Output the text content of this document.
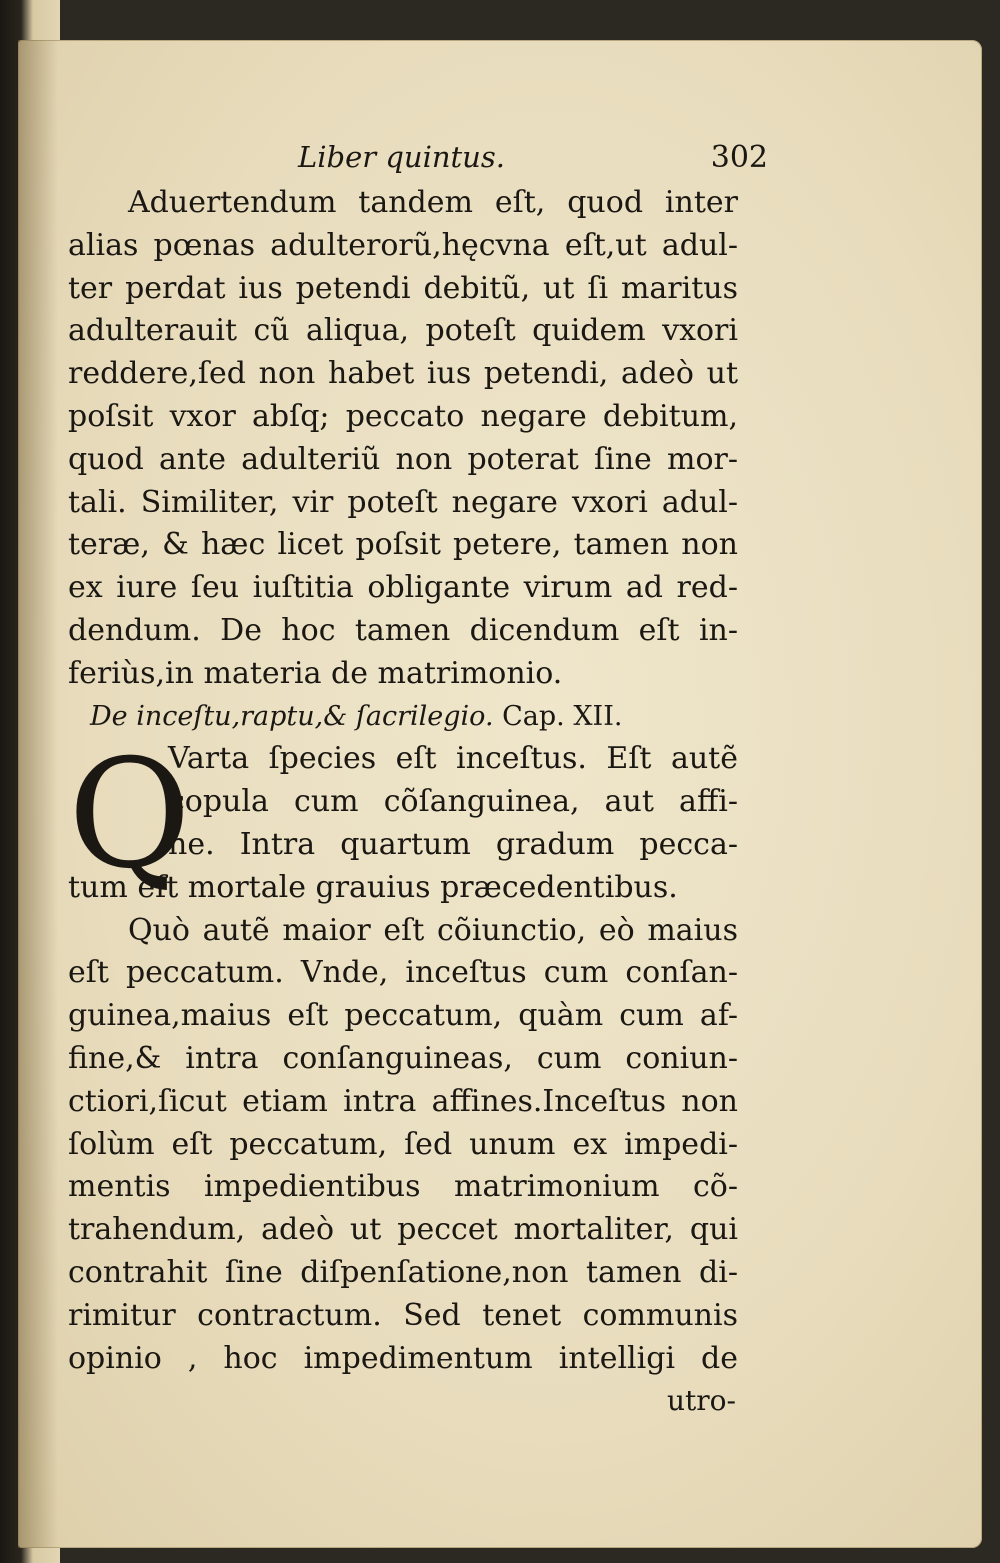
Liber quintus.	302
Aduertendum tandem eſt, quod inter
alias pœnas adulterorũ,hęcvna eſt,ut adul-
ter perdat ius petendi debitũ, ut ſi maritus
adulterauit cũ aliqua, poteſt quidem vxori
reddere,ſed non habet ius petendi, adeò ut
poſsit vxor abſq; peccato negare debitum,
quod ante adulteriũ non poterat ſine mor-
tali. Similiter, vir poteſt negare vxori adul-
teræ, & hæc licet poſsit petere, tamen non
ex iure ſeu iuſtitia obligante virum ad red-
dendum. De hoc tamen dicendum eſt in-
feriùs,in materia de matrimonio.
De inceſtu,raptu,& ſacrilegio. Cap. XII.
Q
Varta ſpecies eſt inceſtus. Eſt autẽ
copula cum cõſanguinea, aut affi-
ne. Intra quartum gradum pecca-
tum eſt mortale grauius præcedentibus.
Quò autẽ maior eſt cõiunctio, eò maius
eſt peccatum. Vnde, inceſtus cum conſan-
guinea,maius eſt peccatum, quàm cum af-
fine,& intra conſanguineas, cum coniun-
ctiori,ſicut etiam intra affines.Inceſtus non
ſolùm eſt peccatum, ſed unum ex impedi-
mentis impedientibus matrimonium cõ-
trahendum, adeò ut peccet mortaliter, qui
contrahit ſine diſpenſatione,non tamen di-
rimitur contractum. Sed tenet communis
opinio , hoc impedimentum intelligi de
utro-
